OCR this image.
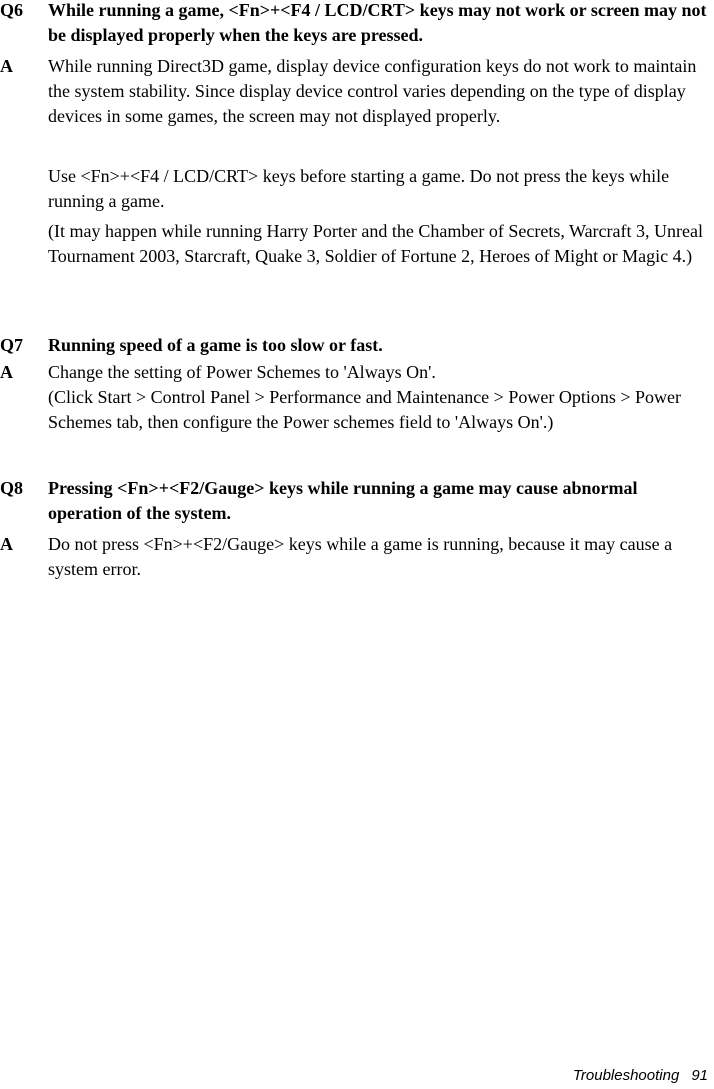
Q6	While running a game, <Fn>+<F4 / LCD/CRT> keys may not work or screen may not be displayed properly when the keys are pressed.
A	While running Direct3D game, display device configuration keys do not work to maintain the system stability. Since display device control varies depending on the type of display devices in some games, the screen may not displayed properly.

Use <Fn>+<F4 / LCD/CRT> keys before starting a game. Do not press the keys while running a game.

(It may happen while running Harry Porter and the Chamber of Secrets, Warcraft 3, Unreal Tournament 2003, Starcraft, Quake 3, Soldier of Fortune 2, Heroes of Might or Magic 4.)

Q7	Running speed of a game is too slow or fast.
A	Change the setting of Power Schemes to 'Always On'.
(Click Start > Control Panel > Performance and Maintenance > Power Options > Power Schemes tab, then configure the Power schemes field to 'Always On'.)

Q8	Pressing <Fn>+<F2/Gauge> keys while running a game may cause abnormal operation of the system.
A	Do not press <Fn>+<F2/Gauge> keys while a game is running, because it may cause a system error.

Troubleshooting 91
